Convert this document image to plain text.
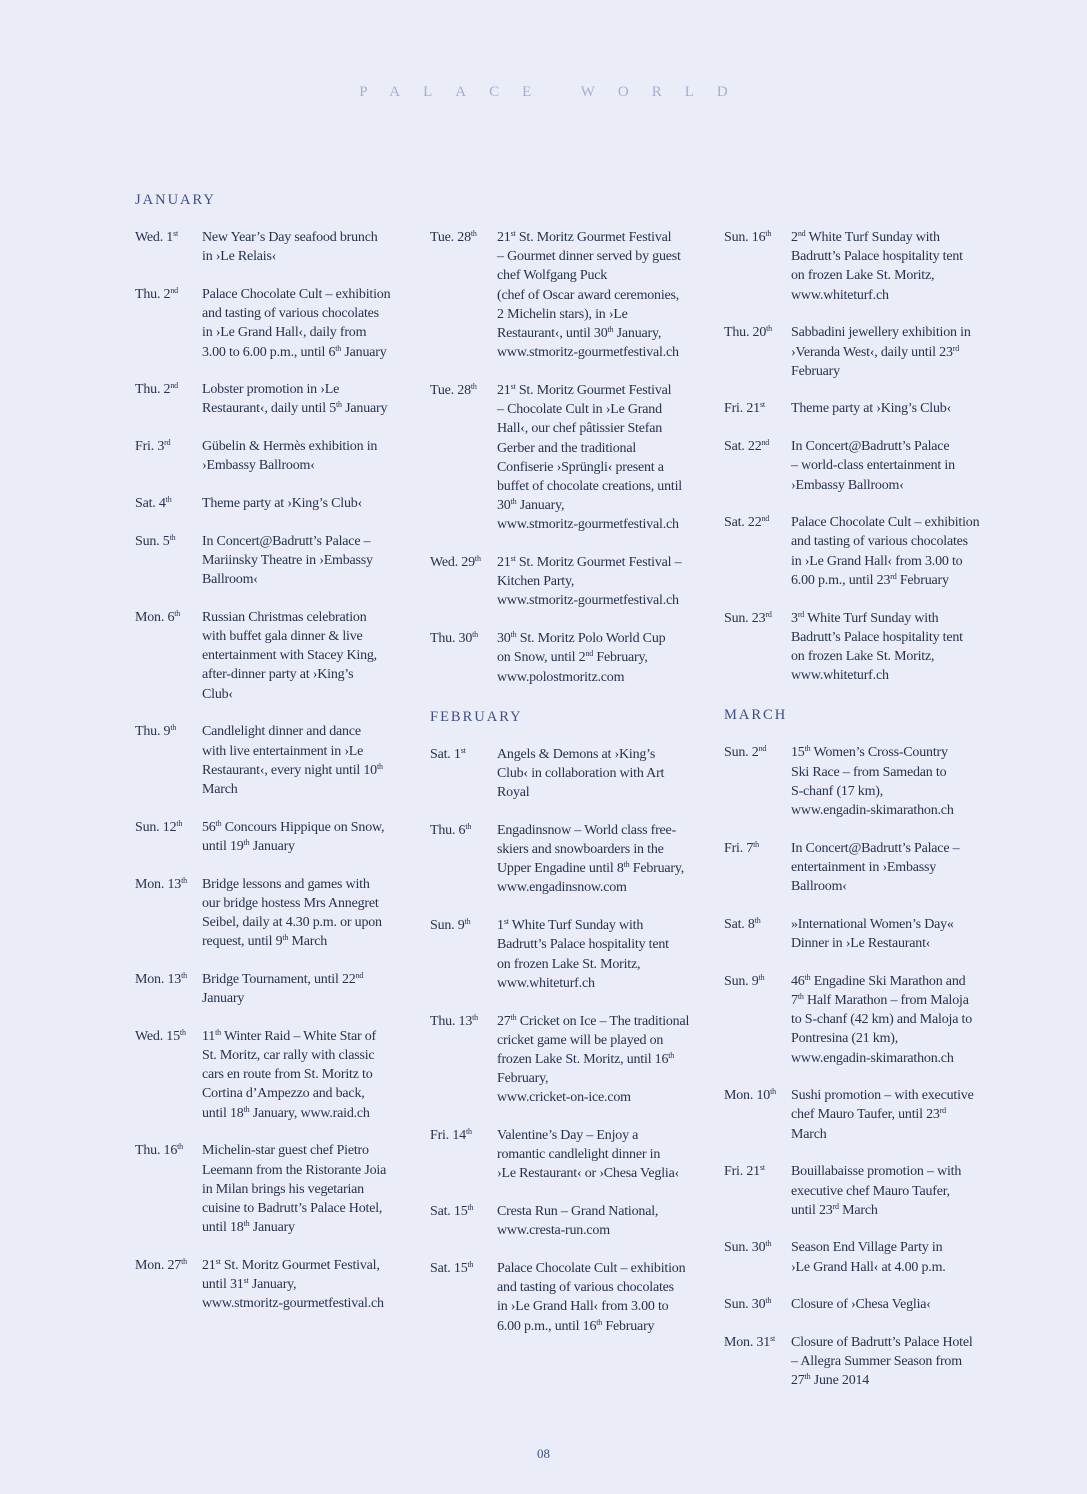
PALACE WORLD
JANUARY
Wed. 1st	New Year’s Day seafood brunch
in ›Le Relais‹
Thu. 2nd	Palace Chocolate Cult – exhibition
and tasting of various chocolates
in ›Le Grand Hall‹, daily from
3.00 to 6.00 p.m., until 6th January
Thu. 2nd	Lobster promotion in ›Le
Restaurant‹, daily until 5th January
Fri. 3rd	Gübelin & Hermès exhibition in
›Embassy Ballroom‹
Sat. 4th	Theme party at ›King’s Club‹
Sun. 5th	In Concert@Badrutt’s Palace –
Mariinsky Theatre in ›Embassy
Ballroom‹
Mon. 6th	Russian Christmas celebration
with buffet gala dinner & live
entertainment with Stacey King,
after-dinner party at ›King’s
Club‹
Thu. 9th	Candlelight dinner and dance
with live entertainment in ›Le
Restaurant‹, every night until 10th
March
Sun. 12th	56th Concours Hippique on Snow,
until 19th January
Mon. 13th	Bridge lessons and games with
our bridge hostess Mrs Annegret
Seibel, daily at 4.30 p.m. or upon
request, until 9th March
Mon. 13th	Bridge Tournament, until 22nd
January
Wed. 15th	11th Winter Raid – White Star of
St. Moritz, car rally with classic
cars en route from St. Moritz to
Cortina d’Ampezzo and back,
until 18th January, www.raid.ch
Thu. 16th	Michelin-star guest chef Pietro
Leemann from the Ristorante Joia
in Milan brings his vegetarian
cuisine to Badrutt’s Palace Hotel,
until 18th January
Mon. 27th	21st St. Moritz Gourmet Festival,
until 31st January,
www.stmoritz-gourmetfestival.ch
Tue. 28th	21st St. Moritz Gourmet Festival
– Gourmet dinner served by guest
chef Wolfgang Puck
(chef of Oscar award ceremonies,
2 Michelin stars), in ›Le
Restaurant‹, until 30th January,
www.stmoritz-gourmetfestival.ch
Tue. 28th	21st St. Moritz Gourmet Festival
– Chocolate Cult in ›Le Grand
Hall‹, our chef pâtissier Stefan
Gerber and the traditional
Confiserie ›Sprüngli‹ present a
buffet of chocolate creations, until
30th January,
www.stmoritz-gourmetfestival.ch
Wed. 29th	21st St. Moritz Gourmet Festival –
Kitchen Party,
www.stmoritz-gourmetfestival.ch
Thu. 30th	30th St. Moritz Polo World Cup
on Snow, until 2nd February,
www.polostmoritz.com
FEBRUARY
Sat. 1st	Angels & Demons at ›King’s
Club‹ in collaboration with Art
Royal
Thu. 6th	Engadinsnow – World class free-
skiers and snowboarders in the
Upper Engadine until 8th February,
www.engadinsnow.com
Sun. 9th	1st White Turf Sunday with
Badrutt’s Palace hospitality tent
on frozen Lake St. Moritz,
www.whiteturf.ch
Thu. 13th	27th Cricket on Ice – The traditional
cricket game will be played on
frozen Lake St. Moritz, until 16th
February,
www.cricket-on-ice.com
Fri. 14th	Valentine’s Day – Enjoy a
romantic candlelight dinner in
›Le Restaurant‹ or ›Chesa Veglia‹
Sat. 15th	Cresta Run – Grand National,
www.cresta-run.com
Sat. 15th	Palace Chocolate Cult – exhibition
and tasting of various chocolates
in ›Le Grand Hall‹ from 3.00 to
6.00 p.m., until 16th February
Sun. 16th	2nd White Turf Sunday with
Badrutt’s Palace hospitality tent
on frozen Lake St. Moritz,
www.whiteturf.ch
Thu. 20th	Sabbadini jewellery exhibition in
›Veranda West‹, daily until 23rd
February
Fri. 21st	Theme party at ›King’s Club‹
Sat. 22nd	In Concert@Badrutt’s Palace
– world-class entertainment in
›Embassy Ballroom‹
Sat. 22nd	Palace Chocolate Cult – exhibition
and tasting of various chocolates
in ›Le Grand Hall‹ from 3.00 to
6.00 p.m., until 23rd February
Sun. 23rd	3rd White Turf Sunday with
Badrutt’s Palace hospitality tent
on frozen Lake St. Moritz,
www.whiteturf.ch
MARCH
Sun. 2nd	15th Women’s Cross-Country
Ski Race – from Samedan to
S-chanf (17 km),
www.engadin-skimarathon.ch
Fri. 7th	In Concert@Badrutt’s Palace –
entertainment in ›Embassy
Ballroom‹
Sat. 8th	»International Women’s Day«
Dinner in ›Le Restaurant‹
Sun. 9th	46th Engadine Ski Marathon and
7th Half Marathon – from Maloja
to S-chanf (42 km) and Maloja to
Pontresina (21 km),
www.engadin-skimarathon.ch
Mon. 10th	Sushi promotion – with executive
chef Mauro Taufer, until 23rd
March
Fri. 21st	Bouillabaisse promotion – with
executive chef Mauro Taufer,
until 23rd March
Sun. 30th	Season End Village Party in
›Le Grand Hall‹ at 4.00 p.m.
Sun. 30th	Closure of ›Chesa Veglia‹
Mon. 31st	Closure of Badrutt’s Palace Hotel
– Allegra Summer Season from
27th June 2014
08
